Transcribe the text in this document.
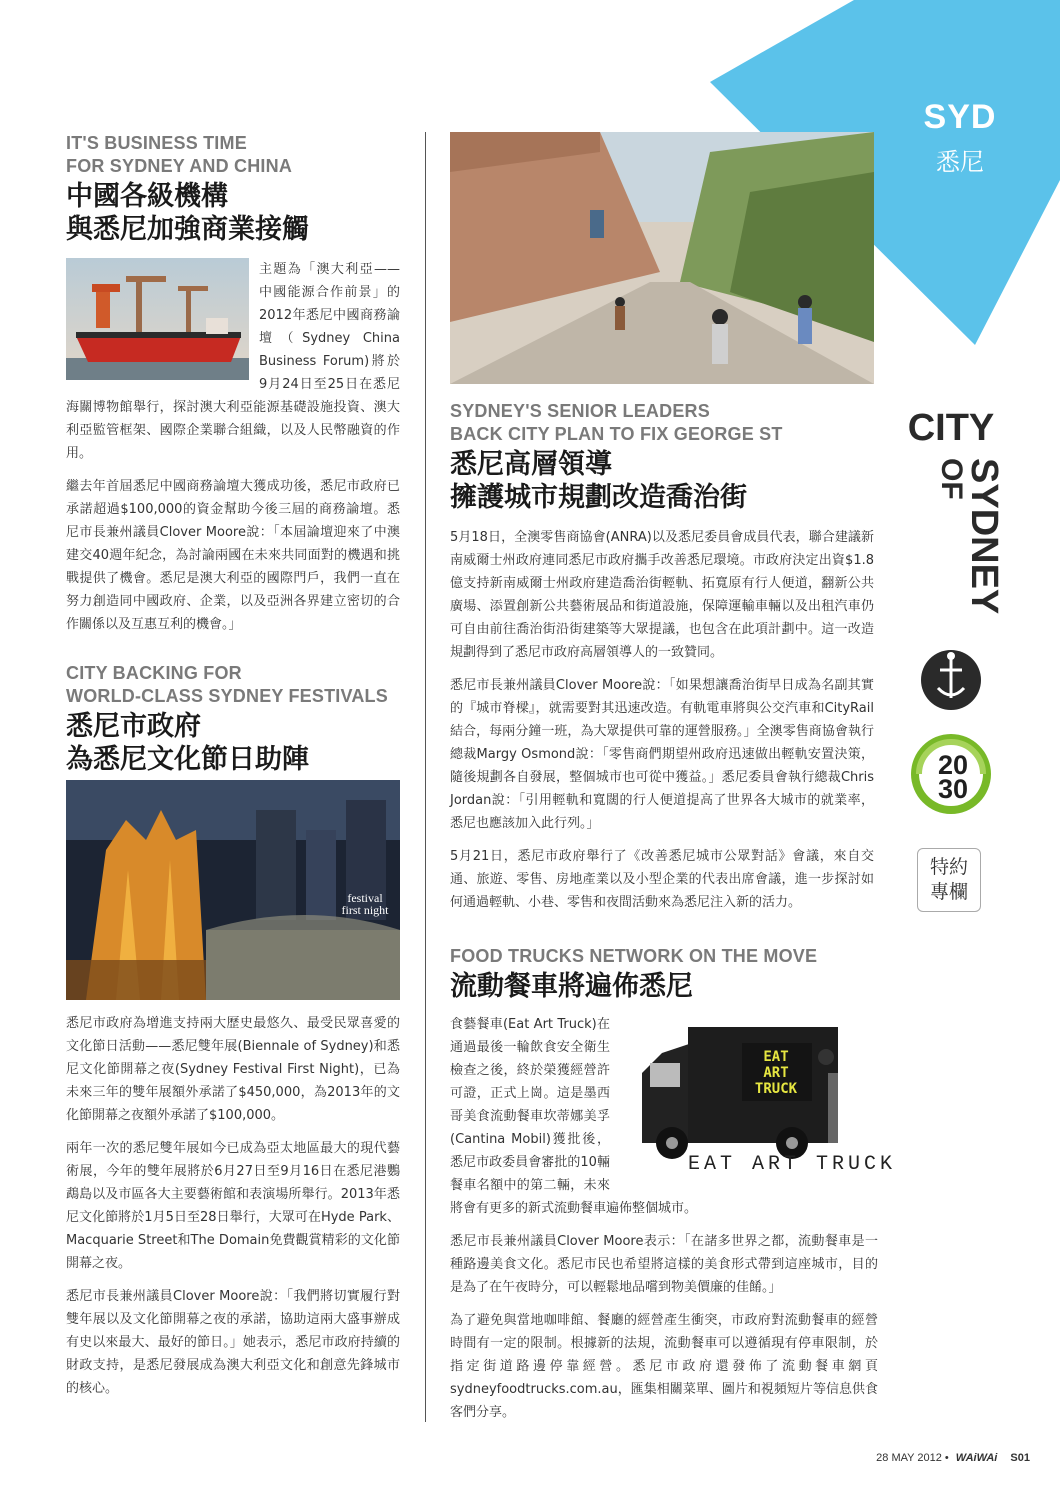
SYD
悉尼
IT'S BUSINESS TIME
FOR SYDNEY AND CHINA
中國各級機構
與悉尼加強商業接觸

主題為「澳大利亞——中國能源合作前景」的2012年悉尼中國商務論壇（Sydney China Business Forum)將於9月24日至25日在悉尼海關博物館舉行，探討澳大利亞能源基礎設施投資、澳大利亞監管框架、國際企業聯合組織，以及人民幣融資的作用。

繼去年首屆悉尼中國商務論壇大獲成功後，悉尼市政府已承諾超過$100,000的資金幫助今後三屆的商務論壇。悉尼市長兼州議員Clover Moore說：「本屆論壇迎來了中澳建交40週年紀念，為討論兩國在未來共同面對的機遇和挑戰提供了機會。悉尼是澳大利亞的國際門戶，我們一直在努力創造同中國政府、企業，以及亞洲各界建立密切的合作關係以及互惠互利的機會。」

CITY BACKING FOR
WORLD-CLASS SYDNEY FESTIVALS
悉尼市政府
為悉尼文化節日助陣
festival
first night

悉尼市政府為增進支持兩大歷史最悠久、最受民眾喜愛的文化節日活動——悉尼雙年展(Biennale of Sydney)和悉尼文化節開幕之夜(Sydney Festival First Night)，已為未來三年的雙年展額外承諾了$450,000，為2013年的文化節開幕之夜額外承諾了$100,000。

兩年一次的悉尼雙年展如今已成為亞太地區最大的現代藝術展，今年的雙年展將於6月27日至9月16日在悉尼港鸚鵡島以及市區各大主要藝術館和表演場所舉行。2013年悉尼文化節將於1月5日至28日舉行，大眾可在Hyde Park、Macquarie Street和The Domain免費觀賞精彩的文化節開幕之夜。

悉尼市長兼州議員Clover Moore說：「我們將切實履行對雙年展以及文化節開幕之夜的承諾，協助這兩大盛事辦成有史以來最大、最好的節日。」她表示，悉尼市政府持續的財政支持，是悉尼發展成為澳大利亞文化和創意先鋒城市的核心。

SYDNEY'S SENIOR LEADERS
BACK CITY PLAN TO FIX GEORGE ST
悉尼高層領導
擁護城市規劃改造喬治街

5月18日，全澳零售商協會(ANRA)以及悉尼委員會成員代表，聯合建議新南威爾士州政府連同悉尼市政府攜手改善悉尼環境。市政府決定出資$1.8億支持新南威爾士州政府建造喬治街輕軌、拓寬原有行人便道，翻新公共廣場、添置創新公共藝術展品和街道設施，保障運輸車輛以及出租汽車仍可自由前往喬治街沿街建築等大眾提議，也包含在此項計劃中。這一改造規劃得到了悉尼市政府高層領導人的一致贊同。

悉尼市長兼州議員Clover Moore說：「如果想讓喬治街早日成為名副其實的『城市脊樑』，就需要對其迅速改造。有軌電車將與公交汽車和CityRail結合，每兩分鐘一班，為大眾提供可靠的運營服務。」全澳零售商協會執行總裁Margy Osmond說：「零售商們期望州政府迅速做出輕軌安置決策，隨後規劃各自發展，整個城市也可從中獲益。」悉尼委員會執行總裁Chris Jordan說：「引用輕軌和寬闊的行人便道提高了世界各大城市的就業率，悉尼也應該加入此行列。」

5月21日，悉尼市政府舉行了《改善悉尼城市公眾對話》會議，來自交通、旅遊、零售、房地產業以及小型企業的代表出席會議，進一步探討如何通過輕軌、小巷、零售和夜間活動來為悉尼注入新的活力。

FOOD TRUCKS NETWORK ON THE MOVE
流動餐車將遍佈悉尼
EAT
ART
TRUCK
EAT ART TRUCK

食藝餐車(Eat Art Truck)在通過最後一輪飲食安全衛生檢查之後，終於榮獲經營許可證，正式上崗。這是墨西哥美食流動餐車坎蒂娜美孚(Cantina Mobil)獲批後，悉尼市政委員會審批的10輛餐車名額中的第二輛，未來將會有更多的新式流動餐車遍佈整個城市。

悉尼市長兼州議員Clover Moore表示：「在諸多世界之都，流動餐車是一種路邊美食文化。悉尼市民也希望將這樣的美食形式帶到這座城市，目的是為了在午夜時分，可以輕鬆地品嚐到物美價廉的佳餚。」

為了避免與當地咖啡館、餐廳的經營產生衝突，市政府對流動餐車的經營時間有一定的限制。根據新的法規，流動餐車可以遵循現有停車限制，於指定街道路邊停靠經營。悉尼市政府還發佈了流動餐車網頁sydneyfoodtrucks.com.au，匯集相關菜單、圖片和視頻短片等信息供食客們分享。

CITY
OF
SYDNEY
20
30
特約
專欄
28 MAY 2012 • WAiWAi S01
